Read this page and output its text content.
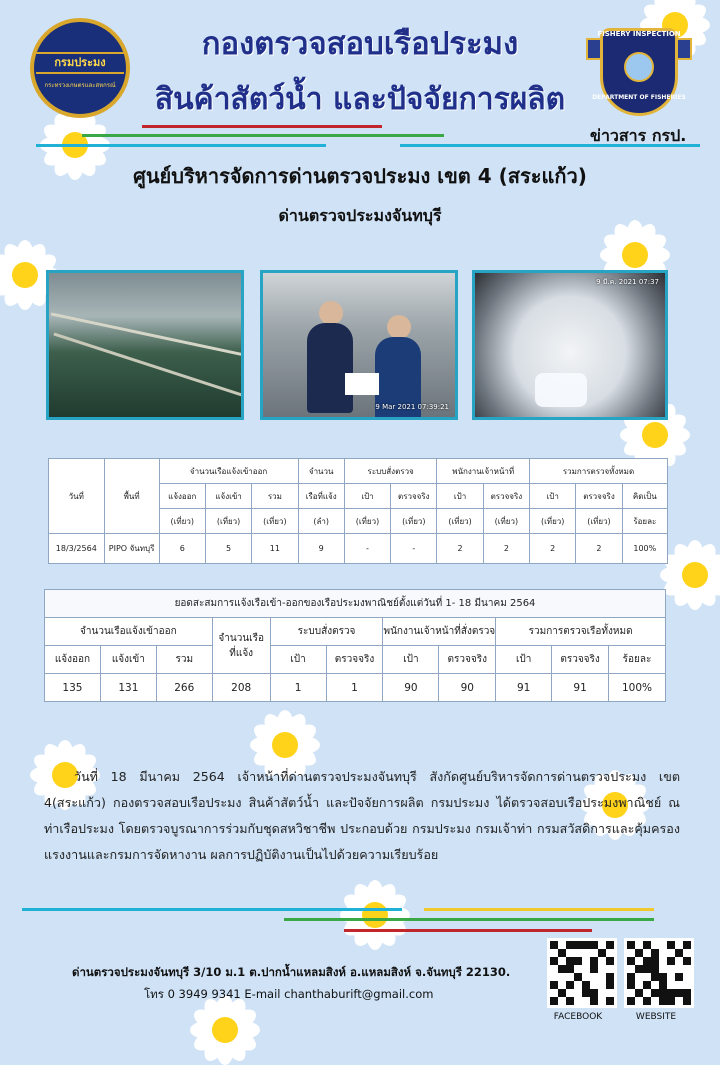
กรมประมง
กระทรวงเกษตรและสหกรณ์
FISHERY INSPECTION
DEPARTMENT OF FISHERIES
กองตรวจสอบเรือประมง
สินค้าสัตว์น้ำ และปัจจัยการผลิต
ข่าวสาร กรป.
ศูนย์บริหารจัดการด่านตรวจประมง เขต 4 (สระแก้ว)
ด่านตรวจประมงจันทบุรี
9 Mar 2021 07:39:21
9 มี.ค. 2021 07:37
วันที่	พื้นที่	จำนวนเรือแจ้งเข้าออก			จำนวน	ระบบสั่งตรวจ		พนักงานเจ้าหน้าที่		รวมการตรวจทั้งหมด		
		แจ้งออก	แจ้งเข้า	รวม	เรือที่แจ้ง	เป้า	ตรวจจริง	เป้า	ตรวจจริง	เป้า	ตรวจจริง	คิดเป็น
		(เที่ยว)	(เที่ยว)	(เที่ยว)	(ลำ)	(เที่ยว)	(เที่ยว)	(เที่ยว)	(เที่ยว)	(เที่ยว)	(เที่ยว)	ร้อยละ
18/3/2564	PIPO จันทบุรี	6	5	11	9	-	-	2	2	2	2	100%
ยอดสะสมการแจ้งเรือเข้า-ออกของเรือประมงพาณิชย์ตั้งแต่วันที่ 1- 18 มีนาคม 2564										
จำนวนเรือแจ้งเข้าออก			จำนวนเรือ
ที่แจ้ง	ระบบสั่งตรวจ		พนักงานเจ้าหน้าที่สั่งตรวจ		รวมการตรวจเรือทั้งหมด		
แจ้งออก	แจ้งเข้า	รวม		เป้า	ตรวจจริง	เป้า	ตรวจจริง	เป้า	ตรวจจริง	ร้อยละ
135	131	266	208	1	1	90	90	91	91	100%
วันที่ 18 มีนาคม 2564 เจ้าหน้าที่ด่านตรวจประมงจันทบุรี สังกัดศูนย์บริหารจัดการด่านตรวจประมง เขต 4(สระแก้ว) กองตรวจสอบเรือประมง สินค้าสัตว์น้ำ และปัจจัยการผลิต กรมประมง ได้ตรวจสอบเรือประมงพาณิชย์ ณ ท่าเรือประมง โดยตรวจบูรณาการร่วมกับชุดสหวิชาชีพ ประกอบด้วย กรมประมง กรมเจ้าท่า กรมสวัสดิการและคุ้มครองแรงงานและกรมการจัดหางาน ผลการปฏิบัติงานเป็นไปด้วยความเรียบร้อย
ด่านตรวจประมงจันทบุรี 3/10 ม.1 ต.ปากน้ำแหลมสิงห์ อ.แหลมสิงห์ จ.จันทบุรี 22130.
โทร 0 3949 9341 E-mail chanthaburift@gmail.com
FACEBOOK	WEBSITE
